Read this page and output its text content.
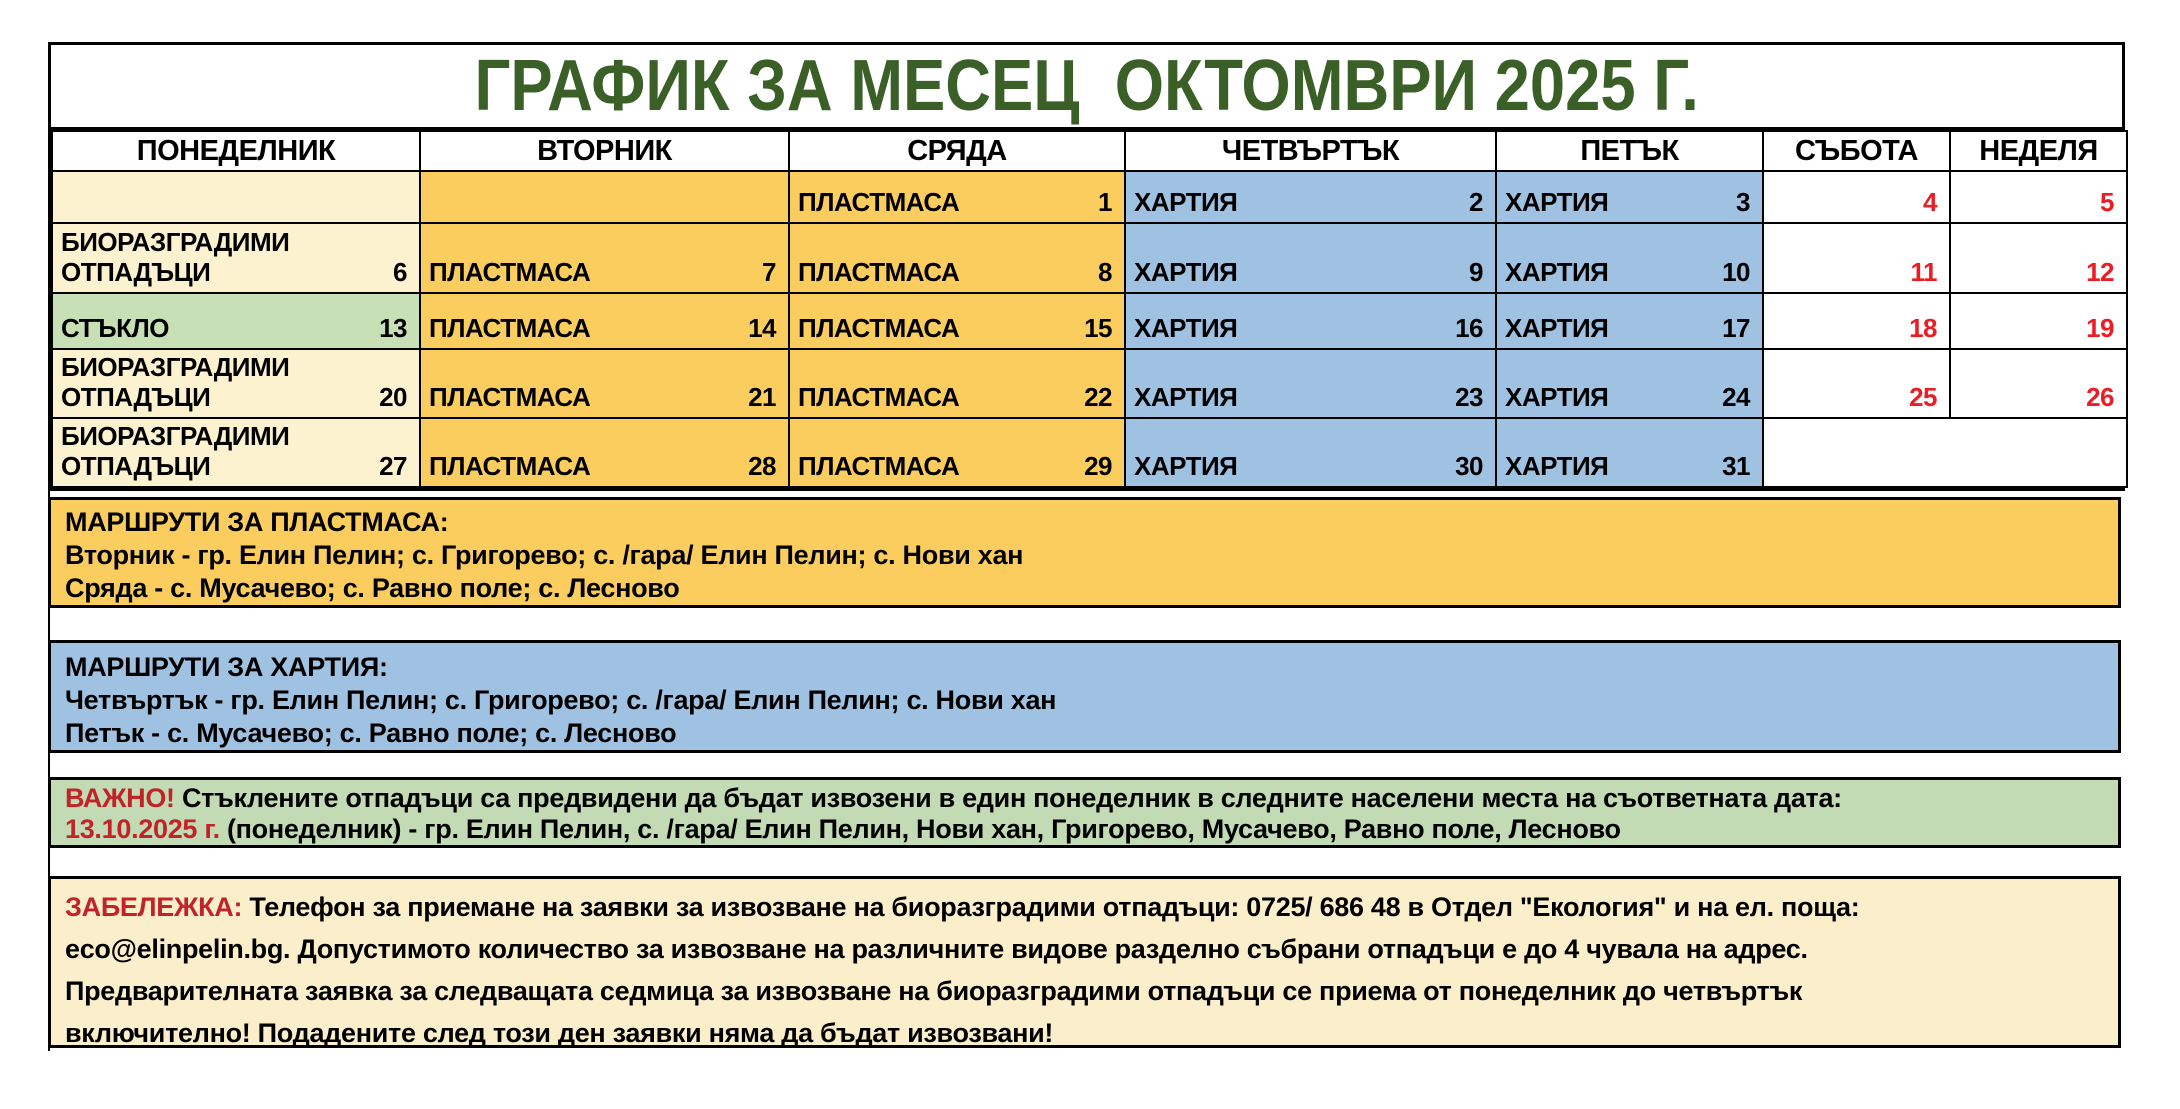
ГРАФИК ЗА МЕСЕЦ  ОКТОМВРИ 2025 Г.
ПОНЕДЕЛНИК	ВТОРНИК	СРЯДА	ЧЕТВЪРТЪК	ПЕТЪК	СЪБОТА	НЕДЕЛЯ

		ПЛАСТМАСА 1	ХАРТИЯ 2	ХАРТИЯ 3	4	5

БИОРАЗГРАДИМИ ОТПАДЪЦИ 6	ПЛАСТМАСА 7	ПЛАСТМАСА 8	ХАРТИЯ 9	ХАРТИЯ 10	11	12

СТЪКЛО 13	ПЛАСТМАСА 14	ПЛАСТМАСА 15	ХАРТИЯ 16	ХАРТИЯ 17	18	19

БИОРАЗГРАДИМИ ОТПАДЪЦИ 20	ПЛАСТМАСА 21	ПЛАСТМАСА 22	ХАРТИЯ 23	ХАРТИЯ 24	25	26

БИОРАЗГРАДИМИ ОТПАДЪЦИ 27	ПЛАСТМАСА 28	ПЛАСТМАСА 29	ХАРТИЯ 30	ХАРТИЯ 31		

МАРШРУТИ ЗА ПЛАСТМАСА:

Вторник - гр. Елин Пелин; с. Григорево; с. /гара/ Елин Пелин; с. Нови хан

Сряда - с. Мусачево; с. Равно поле; с. Лесново

МАРШРУТИ ЗА ХАРТИЯ:

Четвъртък - гр. Елин Пелин; с. Григорево; с. /гара/ Елин Пелин; с. Нови хан

Петък - с. Мусачево; с. Равно поле; с. Лесново

ВАЖНО! Стъклените отпадъци са предвидени да бъдат извозени в един понеделник в следните населени места на съответната дата:

13.10.2025 г. (понеделник) - гр. Елин Пелин, с. /гара/ Елин Пелин, Нови хан, Григорево, Мусачево, Равно поле, Лесново

ЗАБЕЛЕЖКА: Телефон за приемане на заявки за извозване на биоразградими отпадъци: 0725/ 686 48 в Отдел "Екология" и на ел. поща:

eco@elinpelin.bg. Допустимото количество за извозване на различните видове разделно събрани отпадъци е до 4 чувала на адрес.

Предварителната заявка за следващата седмица за извозване на биоразградими отпадъци се приема от понеделник до четвъртък

включително! Подадените след този ден заявки няма да бъдат извозвани!
